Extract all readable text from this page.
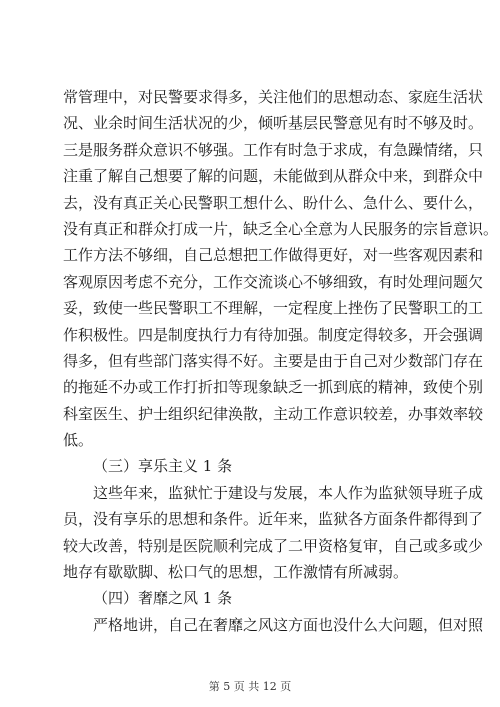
常管理中，对民警要求得多，关注他们的思想动态、家庭生活状
况、业余时间生活状况的少，倾听基层民警意见有时不够及时。
三是服务群众意识不够强。工作有时急于求成，有急躁情绪，只
注重了解自己想要了解的问题，未能做到从群众中来，到群众中
去，没有真正关心民警职工想什么、盼什么、急什么、要什么，
没有真正和群众打成一片，缺乏全心全意为人民服务的宗旨意识。
工作方法不够细，自己总想把工作做得更好，对一些客观因素和
客观原因考虑不充分，工作交流谈心不够细致，有时处理问题欠
妥，致使一些民警职工不理解，一定程度上挫伤了民警职工的工
作积极性。四是制度执行力有待加强。制度定得较多，开会强调
得多，但有些部门落实得不好。主要是由于自己对少数部门存在
的拖延不办或工作打折扣等现象缺乏一抓到底的精神，致使个别
科室医生、护士组织纪律涣散，主动工作意识较差，办事效率较
低。
（三）享乐主义 1 条
这些年来，监狱忙于建设与发展，本人作为监狱领导班子成
员，没有享乐的思想和条件。近年来，监狱各方面条件都得到了
较大改善，特别是医院顺利完成了二甲资格复审，自己或多或少
地存有歇歇脚、松口气的思想，工作激情有所减弱。
（四）奢靡之风 1 条
严格地讲，自己在奢靡之风这方面也没什么大问题，但对照
第 5 页 共 12 页
